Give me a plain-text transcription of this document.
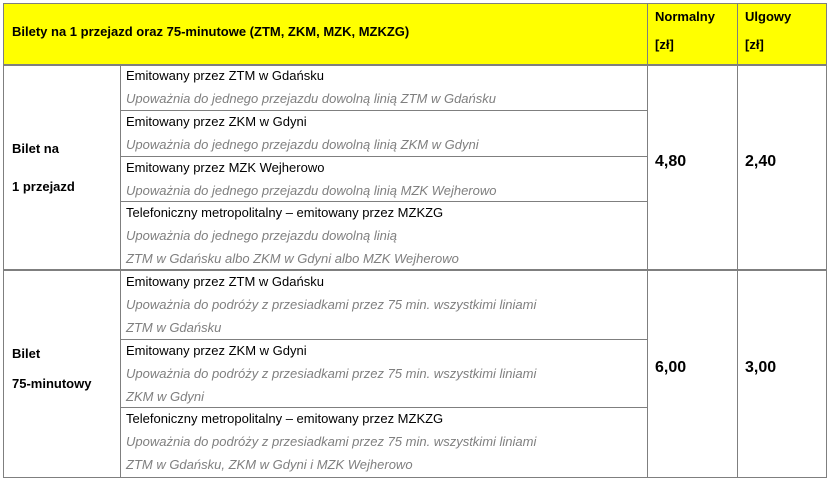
Bilety na 1 przejazd oraz 75-minutowe (ZTM, ZKM, MZK, MZKZG)
Normalny
[zł]
Ulgowy
[zł]
Bilet na
1 przejazd
4,80	2,40
Emitowany przez ZTM w Gdańsku
Upoważnia do jednego przejazdu dowolną linią ZTM w Gdańsku
Emitowany przez ZKM w Gdyni
Upoważnia do jednego przejazdu dowolną linią ZKM w Gdyni
Emitowany przez MZK Wejherowo
Upoważnia do jednego przejazdu dowolną linią MZK Wejherowo
Telefoniczny metropolitalny – emitowany przez MZKZG
Upoważnia do jednego przejazdu dowolną linią
ZTM w Gdańsku albo ZKM w Gdyni albo MZK Wejherowo
Bilet
75-minutowy
6,00	3,00
Emitowany przez ZTM w Gdańsku
Upoważnia do podróży z przesiadkami przez 75 min. wszystkimi liniami
ZTM w Gdańsku
Emitowany przez ZKM w Gdyni
Upoważnia do podróży z przesiadkami przez 75 min. wszystkimi liniami
ZKM w Gdyni
Telefoniczny metropolitalny – emitowany przez MZKZG
Upoważnia do podróży z przesiadkami przez 75 min. wszystkimi liniami
ZTM w Gdańsku, ZKM w Gdyni i MZK Wejherowo
